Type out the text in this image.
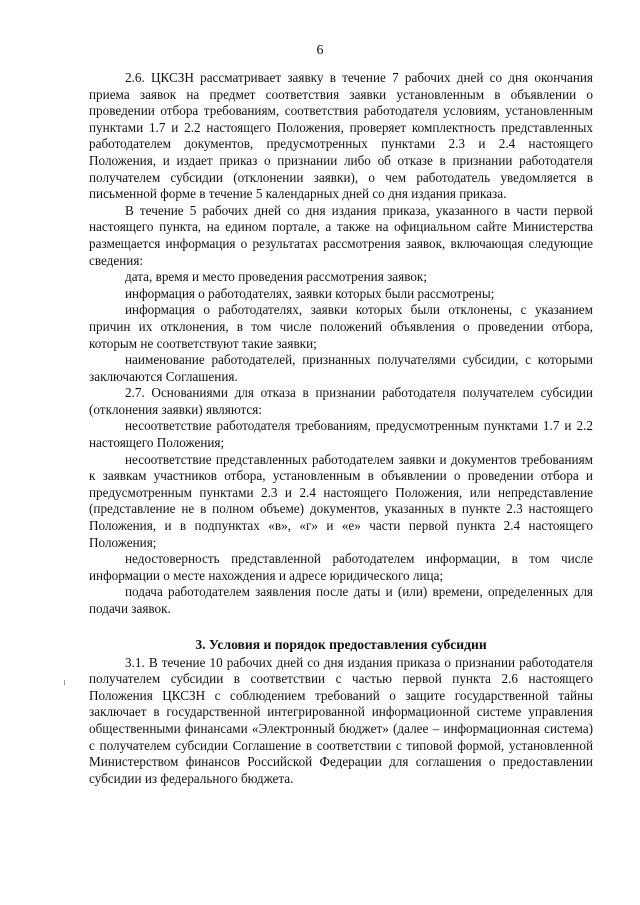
6

2.6. ЦКСЗН рассматривает заявку в течение 7 рабочих дней со дня окончания приема заявок на предмет соответствия заявки установленным в объявлении о проведении отбора требованиям, соответствия работодателя условиям, установленным пунктами 1.7 и 2.2 настоящего Положения, проверяет комплектность представленных работодателем документов, предусмотренных пунктами 2.3 и 2.4 настоящего Положения, и издает приказ о признании либо об отказе в признании работодателя получателем субсидии (отклонении заявки), о чем работодатель уведомляется в письменной форме в течение 5 календарных дней со дня издания приказа.

В течение 5 рабочих дней со дня издания приказа, указанного в части первой настоящего пункта, на едином портале, а также на официальном сайте Министерства размещается информация о результатах рассмотрения заявок, включающая следующие сведения:

дата, время и место проведения рассмотрения заявок;

информация о работодателях, заявки которых были рассмотрены;

информация о работодателях, заявки которых были отклонены, с указанием причин их отклонения, в том числе положений объявления о проведении отбора, которым не соответствуют такие заявки;

наименование работодателей, признанных получателями субсидии, с которыми заключаются Соглашения.

2.7. Основаниями для отказа в признании работодателя получателем субсидии (отклонения заявки) являются:

несоответствие работодателя требованиям, предусмотренным пунктами 1.7 и 2.2 настоящего Положения;

несоответствие представленных работодателем заявки и документов требованиям к заявкам участников отбора, установленным в объявлении о проведении отбора и предусмотренным пунктами 2.3 и 2.4 настоящего Положения, или непредставление (представление не в полном объеме) документов, указанных в пункте 2.3 настоящего Положения, и в подпунктах «в», «г» и «е» части первой пункта 2.4 настоящего Положения;

недостоверность представленной работодателем информации, в том числе информации о месте нахождения и адресе юридического лица;

подача работодателем заявления после даты и (или) времени, определенных для подачи заявок.

3. Условия и порядок предоставления субсидии

3.1. В течение 10 рабочих дней со дня издания приказа о признании работодателя получателем субсидии в соответствии с частью первой пункта 2.6 настоящего Положения ЦКСЗН с соблюдением требований о защите государственной тайны заключает в государственной интегрированной информационной системе управления общественными финансами «Электронный бюджет» (далее – информационная система) с получателем субсидии Соглашение в соответствии с типовой формой, установленной Министерством финансов Российской Федерации для соглашения о предоставлении субсидии из федерального бюджета.
